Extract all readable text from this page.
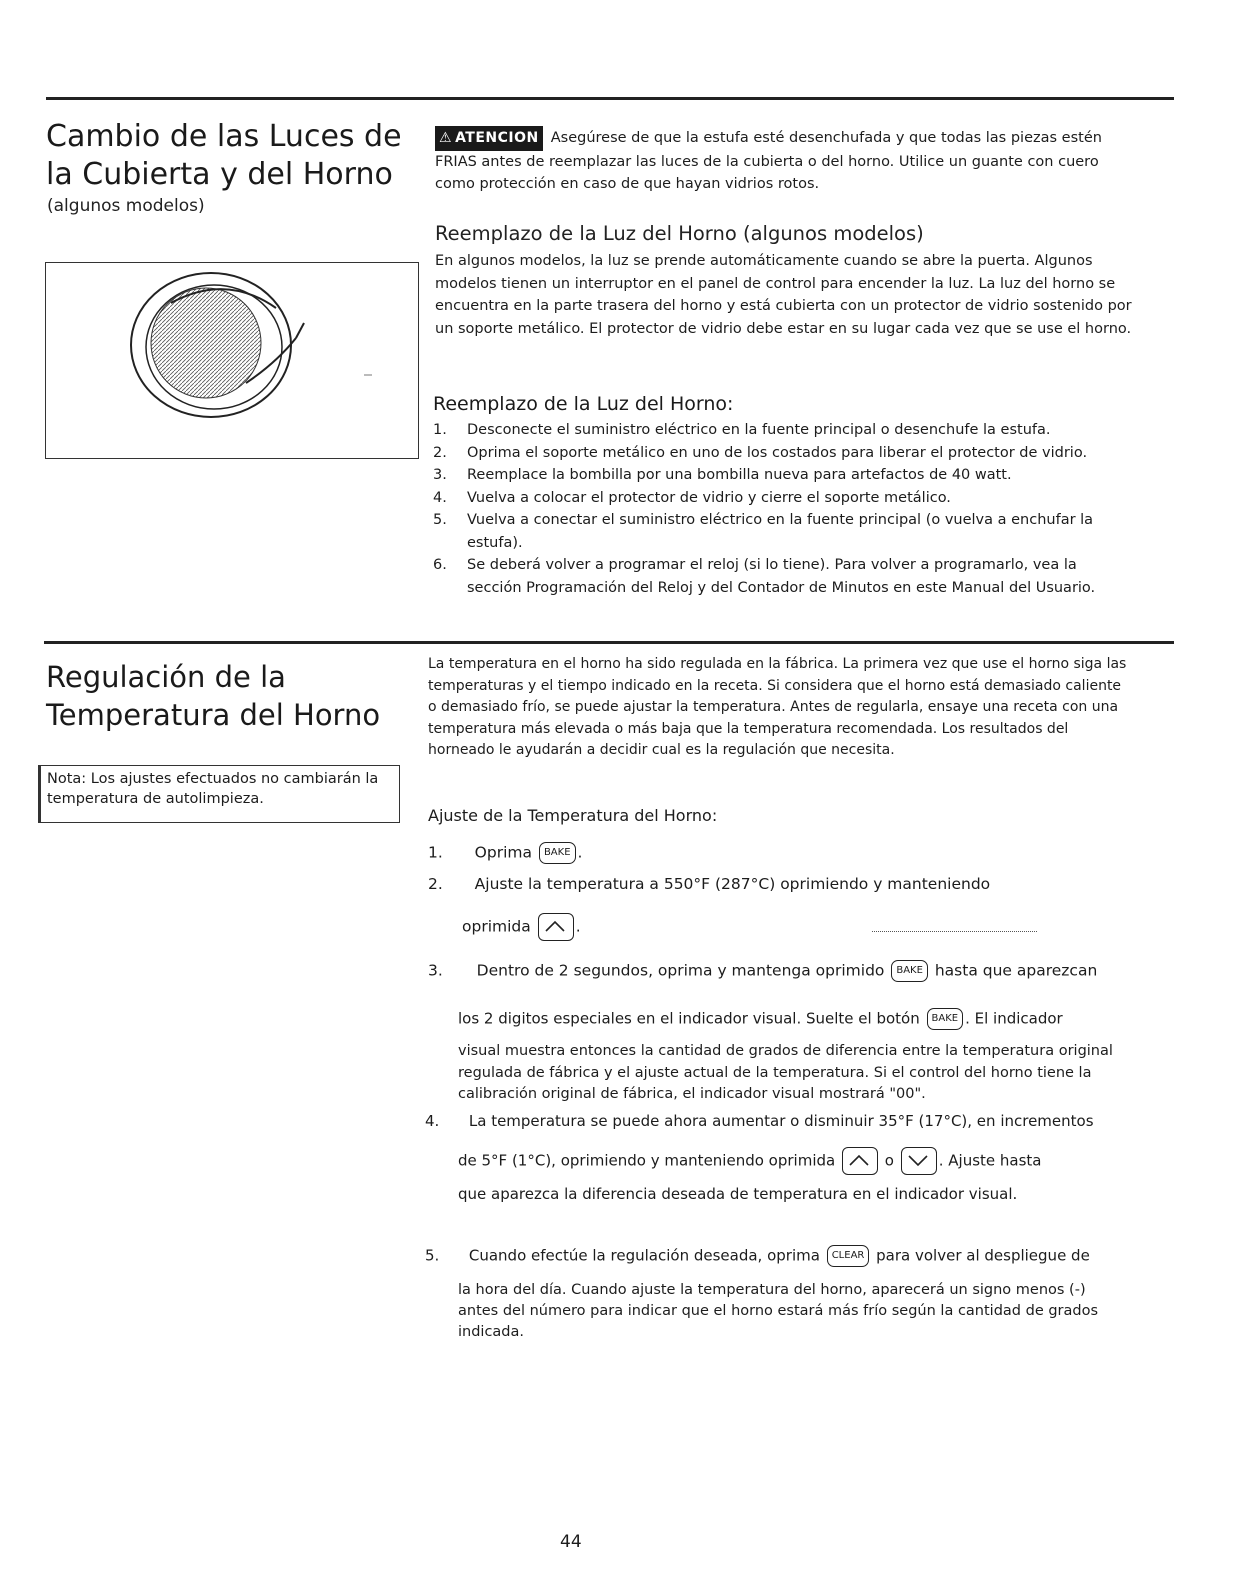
Cambio de las Luces de
la Cubierta y del Horno
(algunos modelos)
⚠ ATENCION Asegúrese de que la estufa esté desenchufada y que todas las piezas estén FRIAS antes de reemplazar las luces de la cubierta o del horno. Utilice un guante con cuero como protección en caso de que hayan vidrios rotos.
Reemplazo de la Luz del Horno (algunos modelos)
En algunos modelos, la luz se prende automáticamente cuando se abre la puerta. Algunos modelos tienen un interruptor en el panel de control para encender la luz. La luz del horno se encuentra en la parte trasera del horno y está cubierta con un protector de vidrio sostenido por un soporte metálico. El protector de vidrio debe estar en su lugar cada vez que se use el horno.
Reemplazo de la Luz del Horno:
1. Desconecte el suministro eléctrico en la fuente principal o desenchufe la estufa.
2. Oprima el soporte metálico en uno de los costados para liberar el protector de vidrio.
3. Reemplace la bombilla por una bombilla nueva para artefactos de 40 watt.
4. Vuelva a colocar el protector de vidrio y cierre el soporte metálico.
5. Vuelva a conectar el suministro eléctrico en la fuente principal (o vuelva a enchufar la estufa).
6. Se deberá volver a programar el reloj (si lo tiene). Para volver a programarlo, vea la sección Programación del Reloj y del Contador de Minutos en este Manual del Usuario.
Regulación de la
Temperatura del Horno
Nota: Los ajustes efectuados no cambiarán la temperatura de autolimpieza.
La temperatura en el horno ha sido regulada en la fábrica. La primera vez que use el horno siga las temperaturas y el tiempo indicado en la receta. Si considera que el horno está demasiado caliente o demasiado frío, se puede ajustar la temperatura. Antes de regularla, ensaye una receta con una temperatura más elevada o más baja que la temperatura recomendada. Los resultados del horneado le ayudarán a decidir cual es la regulación que necesita.
Ajuste de la Temperatura del Horno:
1. Oprima BAKE .
2. Ajuste la temperatura a 550°F (287°C) oprimiendo y manteniendo
oprimida	.
3. Dentro de 2 segundos, oprima y mantenga oprimido BAKE hasta que aparezcan
los 2 digitos especiales en el indicador visual. Suelte el botón BAKE . El indicador
visual muestra entonces la cantidad de grados de diferencia entre la temperatura original regulada de fábrica y el ajuste actual de la temperatura. Si el control del horno tiene la calibración original de fábrica, el indicador visual mostrará "00".
4. La temperatura se puede ahora aumentar o disminuir 35°F (17°C), en incrementos
de 5°F (1°C), oprimiendo y manteniendo oprimida	o	. Ajuste hasta
que aparezca la diferencia deseada de temperatura en el indicador visual.
5. Cuando efectúe la regulación deseada, oprima CLEAR para volver al despliegue de
la hora del día. Cuando ajuste la temperatura del horno, aparecerá un signo menos (-) antes del número para indicar que el horno estará más frío según la cantidad de grados indicada.
44
